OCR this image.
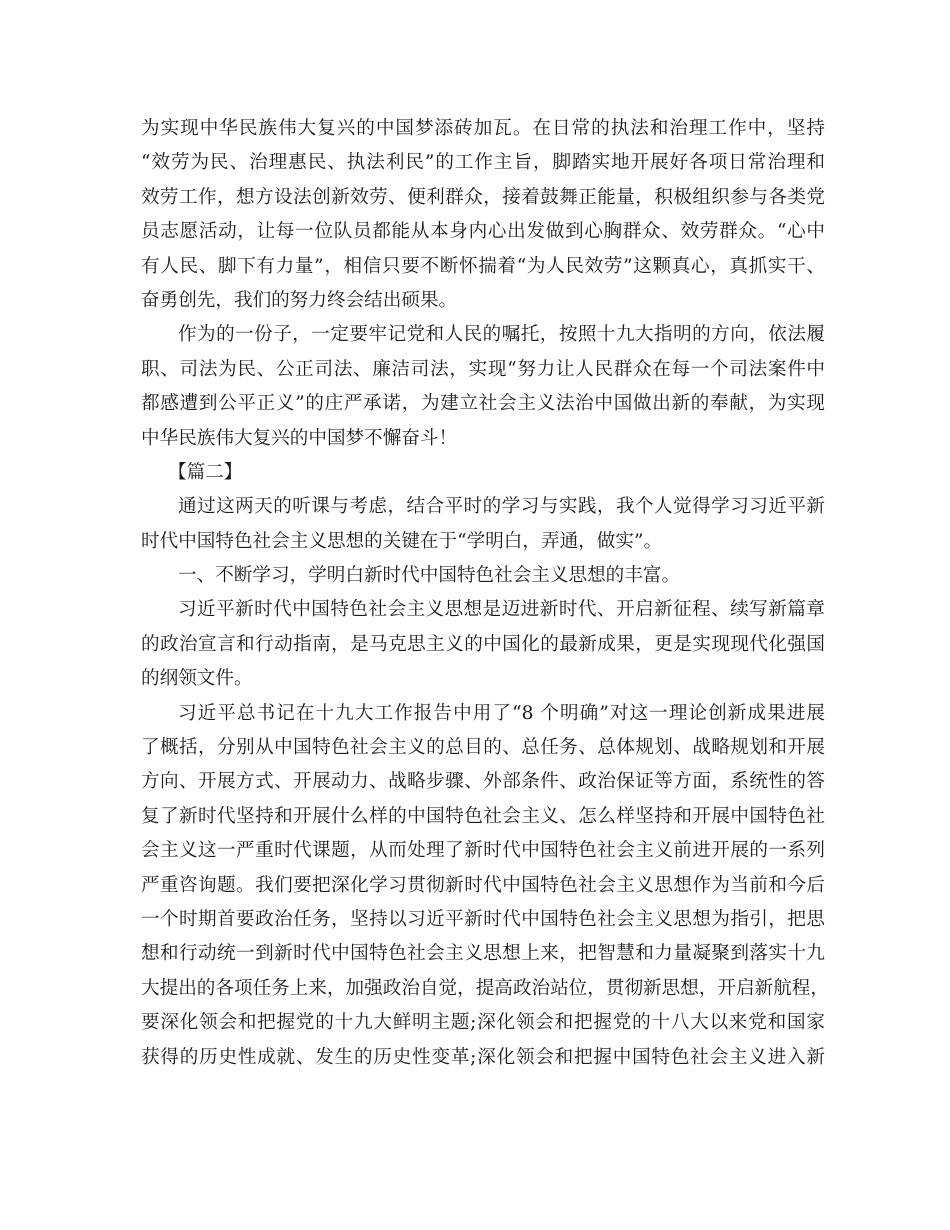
为实现中华民族伟大复兴的中国梦添砖加瓦。在日常的执法和治理工作中，坚持
“效劳为民、治理惠民、执法利民”的工作主旨，脚踏实地开展好各项日常治理和
效劳工作，想方设法创新效劳、便利群众，接着鼓舞正能量，积极组织参与各类党
员志愿活动，让每一位队员都能从本身内心出发做到心胸群众、效劳群众。“心中
有人民、脚下有力量”，相信只要不断怀揣着“为人民效劳”这颗真心，真抓实干、
奋勇创先，我们的努力终会结出硕果。
作为的一份子，一定要牢记党和人民的嘱托，按照十九大指明的方向，依法履
职、司法为民、公正司法、廉洁司法，实现“努力让人民群众在每一个司法案件中
都感遭到公平正义”的庄严承诺，为建立社会主义法治中国做出新的奉献，为实现
中华民族伟大复兴的中国梦不懈奋斗！
【篇二】
通过这两天的听课与考虑，结合平时的学习与实践，我个人觉得学习习近平新
时代中国特色社会主义思想的关键在于“学明白，弄通，做实”。
一、不断学习，学明白新时代中国特色社会主义思想的丰富。
习近平新时代中国特色社会主义思想是迈进新时代、开启新征程、续写新篇章
的政治宣言和行动指南，是马克思主义的中国化的最新成果，更是实现现代化强国
的纲领文件。
习近平总书记在十九大工作报告中用了“8 个明确”对这一理论创新成果进展
了概括，分别从中国特色社会主义的总目的、总任务、总体规划、战略规划和开展
方向、开展方式、开展动力、战略步骤、外部条件、政治保证等方面，系统性的答
复了新时代坚持和开展什么样的中国特色社会主义、怎么样坚持和开展中国特色社
会主义这一严重时代课题，从而处理了新时代中国特色社会主义前进开展的一系列
严重咨询题。我们要把深化学习贯彻新时代中国特色社会主义思想作为当前和今后
一个时期首要政治任务，坚持以习近平新时代中国特色社会主义思想为指引，把思
想和行动统一到新时代中国特色社会主义思想上来，把智慧和力量凝聚到落实十九
大提出的各项任务上来，加强政治自觉，提高政治站位，贯彻新思想，开启新航程，
要深化领会和把握党的十九大鲜明主题;深化领会和把握党的十八大以来党和国家
获得的历史性成就、发生的历史性变革;深化领会和把握中国特色社会主义进入新
